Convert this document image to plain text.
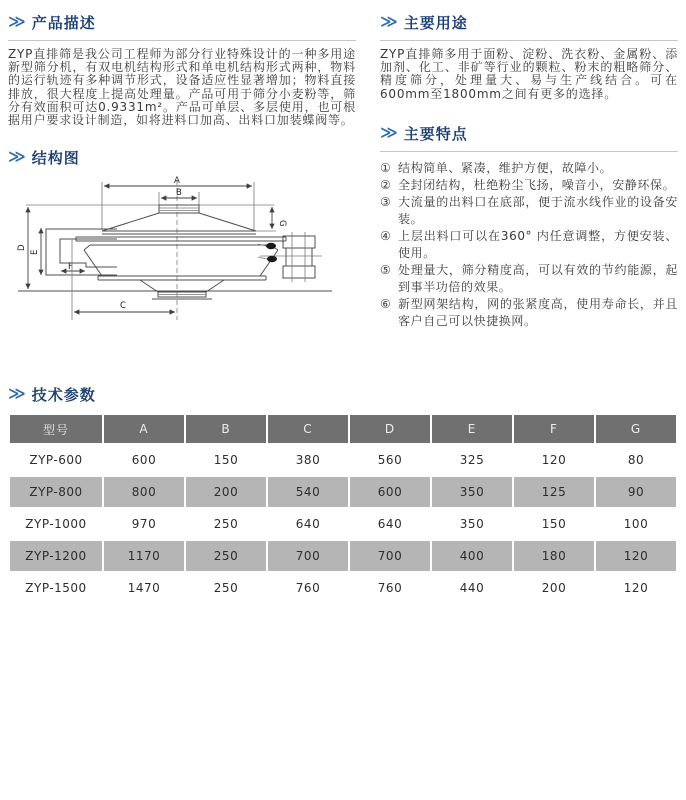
≫ 产品描述

ZYP直排筛是我公司工程师为部分行业特殊设计的一种多用途新型筛分机，有双电机结构形式和单电机结构形式两种，物料的运行轨迹有多种调节形式，设备适应性显著增加；物料直接排放，很大程度上提高处理量。产品可用于筛分小麦粉等，筛分有效面积可达0.9331m²。产品可单层、多层使用，也可根据用户要求设计制造，如将进料口加高、出料口加装蝶阀等。

≫ 结构图
A
B
D
E
F
G
C
≫ 主要用途

ZYP直排筛多用于面粉、淀粉、洗衣粉、金属粉、添加剂、化工、非矿等行业的颗粒、粉末的粗略筛分、精度筛分，处理量大、易与生产线结合。可在600mm至1800mm之间有更多的选择。

≫ 主要特点
① 结构简单、紧凑，维护方便，故障小。
② 全封闭结构，杜绝粉尘飞扬，噪音小，安静环保。
③ 大流量的出料口在底部，便于流水线作业的设备安装。
④ 上层出料口可以在360° 内任意调整，方便安装、使用。
⑤ 处理量大，筛分精度高，可以有效的节约能源，起到事半功倍的效果。
⑥ 新型网架结构，网的张紧度高，使用寿命长，并且客户自己可以快捷换网。
≫ 技术参数
型号	A	B	C	D	E	F	G
ZYP-600	600	150	380	560	325	120	80
ZYP-800	800	200	540	600	350	125	90
ZYP-1000	970	250	640	640	350	150	100
ZYP-1200	1170	250	700	700	400	180	120
ZYP-1500	1470	250	760	760	440	200	120
